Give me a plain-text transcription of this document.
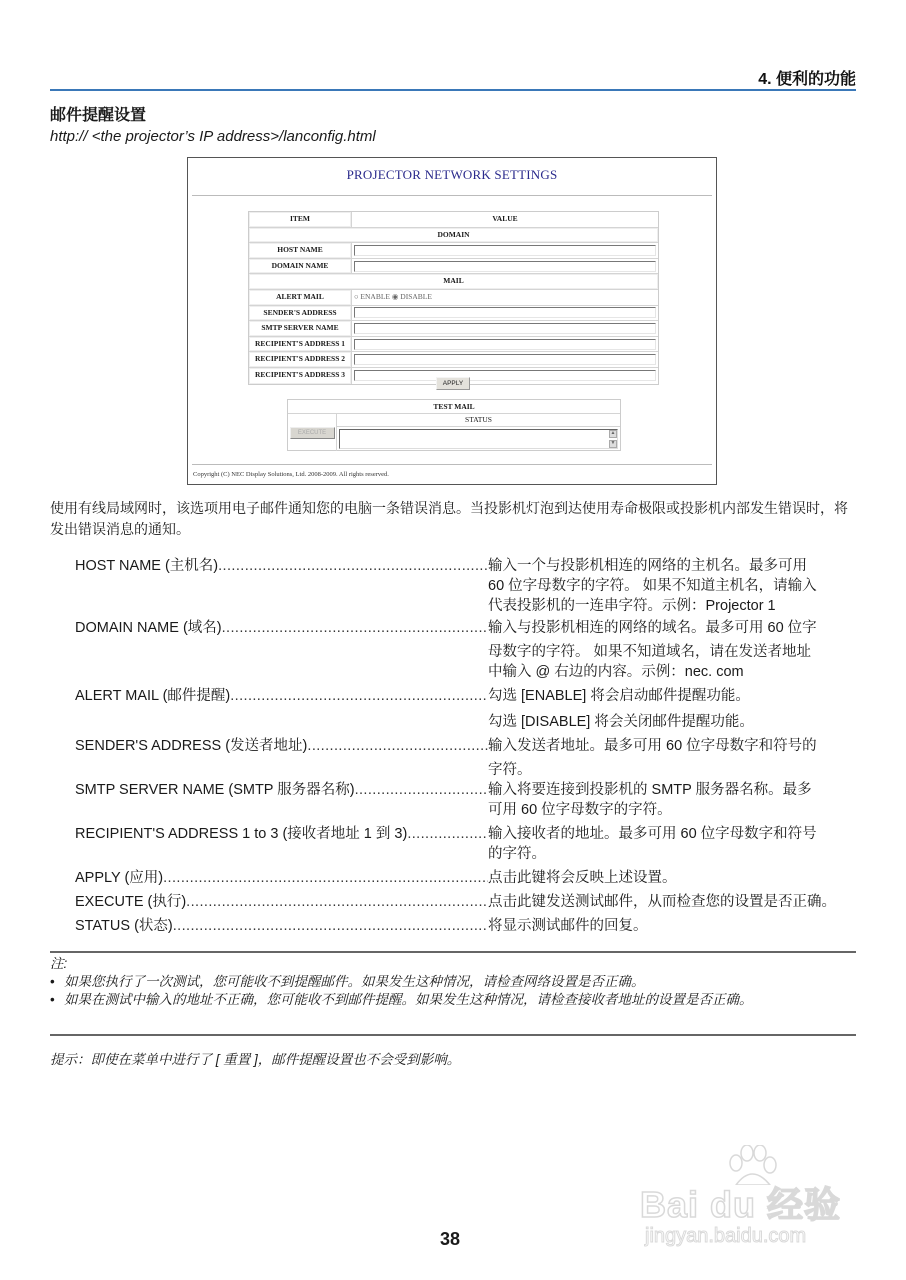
4. 便利的功能
邮件提醒设置
http:// <the projector’s IP address>/lanconfig.html
PROJECTOR NETWORK SETTINGS
ITEM	VALUE
DOMAIN
HOST NAME
DOMAIN NAME
MAIL
ALERT MAIL	○ ENABLE ◉ DISABLE
SENDER'S ADDRESS
SMTP SERVER NAME
RECIPIENT'S ADDRESS 1
RECIPIENT'S ADDRESS 2
RECIPIENT'S ADDRESS 3
APPLY
TEST MAIL
EXECUTE
STATUS
▲
▼
Copyright (C) NEC Display Solutions, Ltd. 2008-2009. All rights reserved.
使用有线局域网时，该选项用电子邮件通知您的电脑一条错误消息。当投影机灯泡到达使用寿命极限或投影机内部发生错误时，将发出错误消息的通知。
HOST NAME (主机名) .....	输入一个与投影机相连的网络的主机名。最多可用
60 位字母数字的字符。 如果不知道主机名，请输入
代表投影机的一连串字符。示例：Projector 1
DOMAIN NAME (域名) .....	输入与投影机相连的网络的域名。最多可用 60 位字
母数字的字符。 如果不知道域名，请在发送者地址
中输入 @ 右边的内容。示例：nec. com
ALERT MAIL (邮件提醒) .....	勾选 [ENABLE] 将会启动邮件提醒功能。
勾选 [DISABLE] 将会关闭邮件提醒功能。
SENDER'S ADDRESS (发送者地址) .....	输入发送者地址。最多可用 60 位字母数字和符号的
字符。
SMTP SERVER NAME (SMTP 服务器名称) .....	输入将要连接到投影机的 SMTP 服务器名称。最多
可用 60 位字母数字的字符。
RECIPIENT'S ADDRESS 1 to 3 (接收者地址 1 到 3) .....	输入接收者的地址。最多可用 60 位字母数字和符号
的字符。
APPLY (应用) .....	点击此键将会反映上述设置。
EXECUTE (执行) .....	点击此键发送测试邮件，从而检查您的设置是否正确。
STATUS (状态) .....	将显示测试邮件的回复。
注:
• 如果您执行了一次测试，您可能收不到提醒邮件。如果发生这种情况，请检查网络设置是否正确。
• 如果在测试中输入的地址不正确，您可能收不到邮件提醒。如果发生这种情况，请检查接收者地址的设置是否正确。
提示：即使在菜单中进行了 [ 重置 ]，邮件提醒设置也不会受到影响。
Bai du 经验
jingyan.baidu.com
38
